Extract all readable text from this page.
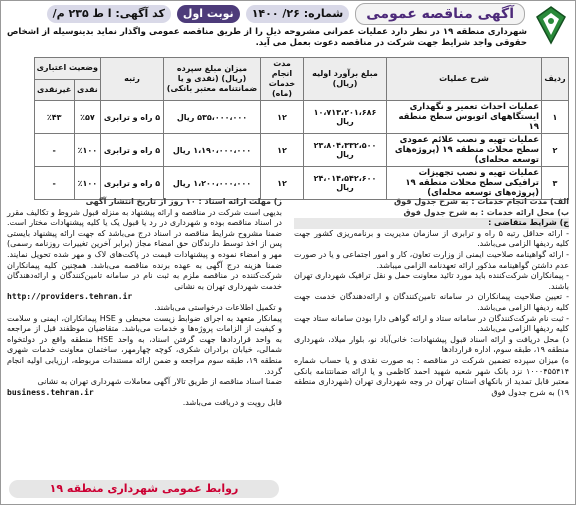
آگهی مناقصه عمومی
شماره: ۲۶/ ۱۴۰۰
نوبت اول
کد آگهی: ا ط ۲۳۵ م/
شهرداری منطقه ۱۹ در نظر دارد عملیات عمرانی مشروحه ذیل را از طریق مناقصه عمومی واگذار نماید بدینوسیله از اشخاص حقوقی واجد شرایط جهت شرکت در مناقصه دعوت بعمل می آید.
ردیف	شرح عملیات	مبلغ برآورد اولیه (ریال)	مدت انجام خدمات (ماه)	میزان مبلغ سپرده (ریال) (نقدی و یا ضمانتنامه معتبر بانکی)	رتبه	وضعیت اعتباری	
						نقدی	غیرنقدی
۱	عملیات احداث تعمیر و نگهداری ایستگاههای اتوبوس سطح منطقه ۱۹	۱۰،۷۱۳،۲۰۱،۶۸۶ ریال	۱۲	۵۳۵،۰۰۰،۰۰۰ ریال	۵ راه و ترابری	٪۵۷	٪۴۳
۲	عملیات تهیه و نصب علائم عمودی سطح محلات منطقه ۱۹ (پروژه‌های توسعه محله‌ای)	۲۳،۸۰۴،۳۳۲،۵۰۰ ریال	۱۲	۱،۱۹۰،۰۰۰،۰۰۰ ریال	۵ راه و ترابری	٪۱۰۰	-
۳	عملیات تهیه و نصب تجهیزات ترافیکی سطح محلات منطقه ۱۹ (پروژه‌های توسعه محله‌ای)	۲۴،۰۱۴،۵۴۲،۶۰۰ ریال	۱۲	۱،۲۰۰،۰۰۰،۰۰۰ ریال	۵ راه و ترابری	٪۱۰۰	-

الف) مدت انجام خدمات : به شرح جدول فوق

ب) محل ارائه خدمات : به شرح جدول فوق

ج) شرایط متقاضی :

- ارائه حداقل رتبه ۵ راه و ترابری از سازمان مدیریت و برنامه‌ریزی کشور جهت کلیه ردیفها الزامی می‌باشد.

- ارائه گواهینامه صلاحیت ایمنی از وزارت تعاون، کار و امور اجتماعی و یا در صورت عدم داشتن گواهینامه مذکور ارائه تعهدنامه الزامی میباشد.

- پیمانکاران شرکت‌کننده باید مورد تائید معاونت حمل و نقل ترافیک شهرداری تهران باشند.

- تعیین صلاحیت پیمانکاران در سامانه تامین‌کنندگان و ارائه‌دهندگان خدمت جهت کلیه ردیفها الزامی می‌باشد.

- ثبت نام شرکت‌کنندگان در سامانه ستاد و ارائه گواهی دارا بودن سامانه ستاد جهت کلیه ردیفها الزامی می‌باشد.

د) محل دریافت و ارائه اسناد قبول پیشنهادات: خانی‌آباد نو، بلوار میلاد، شهرداری منطقه ۱۹، طبقه سوم، اداره قراردادها

ه) میزان سپرده تضمین شرکت در مناقصه : به صورت نقدی و یا حساب شماره ۱۰۰۰۴۵۵۴۱۴ نزد بانک شهر شعبه شهید احمد کاظمی و یا ارائه ضمانتنامه بانکی معتبر قابل تمدید از بانکهای استان تهران در وجه شهرداری تهران (شهرداری منطقه ۱۹) به شرح جدول فوق

ز) مهلت ارائه اسناد : ۱۰ روز از تاریخ انتشار آگهی

بدیهی است شرکت در مناقصه و ارائه پیشنهاد به منزله قبول شروط و تکالیف مقرر در اسناد مناقصه بوده و شهرداری در رد یا قبول یک یا کلیه پیشنهادات مختار است. ضمنا مشروح شرایط مناقصه در اسناد درج می‌باشد که جهت ارائه پیشنهاد بایستی پس از اخذ توسط دارندگان حق امضاء مجاز (برابر آخرین تغییرات روزنامه رسمی) مهر و امضاء نموده و پیشنهادات قیمت در پاکت‌های لاک و مهر شده تحویل نمایند. ضمنا هزینه درج آگهی به عهده برنده مناقصه می‌باشد. همچنین کلیه پیمانکاران شرکت‌کننده در مناقصه ملزم به ثبت نام در سامانه تامین‌کنندگان و ارائه‌دهندگان خدمت شهرداری تهران به نشانی

http://providers.tehran.ir

و تکمیل اطلاعات درخواستی می‌باشند.

پیمانکار متعهد به اجرای ضوابط زیست محیطی و HSE پیمانکاران، ایمنی و سلامت و کیفیت از الزامات پروژه‌ها و خدمات می‌باشد. متقاضیان موظفند قبل از مراجعه به واحد قراردادها جهت گرفتن اسناد، به واحد HSE منطقه واقع در دولتخواه شمالی، خیابان برادران شکری، کوچه چهارمهر، ساختمان معاونت خدمات شهری منطقه ۱۹، طبقه سوم مراجعه و ضمن ارائه مستندات مربوطه، ارزیابی اولیه انجام گردد.

ضمنا اسناد مناقصه از طریق تالار آگهی معاملات شهرداری تهران به نشانی

business.tehran.ir

قابل رویت و دریافت می‌باشد.

روابط عمومی شهرداری منطقه ۱۹
